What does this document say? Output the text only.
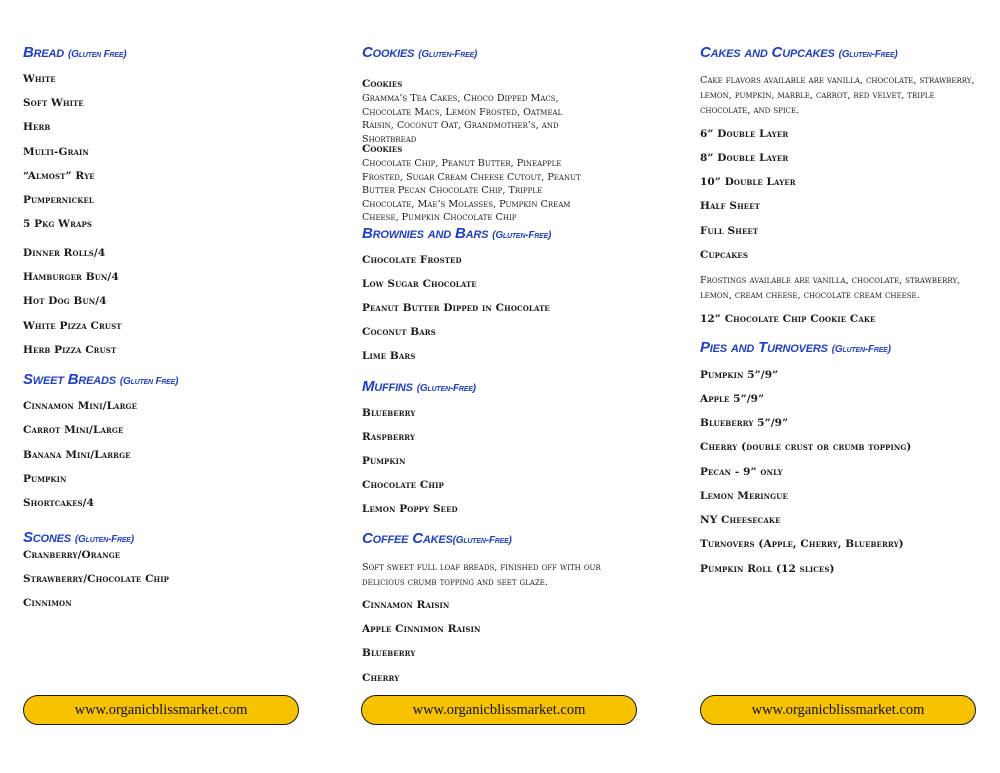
Bread (Gluten Free)
White
Soft White
Herb
Multi-Grain
“Almost” Rye
Pumpernickel
5 Pkg Wraps
Dinner Rolls/4
Hamburger Bun/4
Hot Dog Bun/4
White Pizza Crust
Herb Pizza Crust
Sweet Breads (Gluten Free)
Cinnamon Mini/Large
Carrot Mini/Large
Banana Mini/Larrge
Pumpkin
Shortcakes/4
Scones (Gluten-Free)
Cranberry/Orange
Strawberry/Chocolate Chip
Cinnimon
Cookies (Gluten-Free)
Cookies
Gramma’s Tea Cakes, Choco Dipped Macs, Chocolate Macs, Lemon Frosted, Oatmeal Raisin, Coconut Oat, Grandmother’s, and Shortbread
Cookies
Chocolate Chip, Peanut Butter, Pineapple Frosted, Sugar Cream Cheese Cutout, Peanut Butter Pecan Chocolate Chip, Tripple Chocolate, Mae’s Molasses, Pumpkin Cream Cheese, Pumpkin Chocolate Chip
Brownies and Bars (Gluten-Free)
Chocolate Frosted
Low Sugar Chocolate
Peanut Butter Dipped in Chocolate
Coconut Bars
Lime Bars
Muffins (Gluten-Free)
Blueberry
Raspberry
Pumpkin
Chocolate Chip
Lemon Poppy Seed
Coffee Cakes(Gluten-Free)
Soft sweet full loaf breads, finished off with our delicious crumb topping and seet glaze.
Cinnamon Raisin
Apple Cinnimon Raisin
Blueberry
Cherry
Cakes and Cupcakes (Gluten-Free)
Cake flavors available are vanilla, chocolate, strawberry, lemon, pumpkin, marble, carrot, red velvet, triple chocolate, and spice.
6” Double Layer
8” Double Layer
10” Double Layer
Half Sheet
Full Sheet
Cupcakes
Frostings available are vanilla, chocolate, strawberry, lemon, cream cheese, chocolate cream cheese.
12” Chocolate Chip Cookie Cake
Pies and Turnovers (Gluten-Free)
Pumpkin 5”/9”
Apple 5”/9”
Blueberry 5”/9”
Cherry (double crust or crumb topping)
Pecan - 9” only
Lemon Meringue
NY Cheesecake
Turnovers (Apple, Cherry, Blueberry)
Pumpkin Roll (12 slices)
www.organicblissmarket.com	www.organicblissmarket.com	www.organicblissmarket.com
